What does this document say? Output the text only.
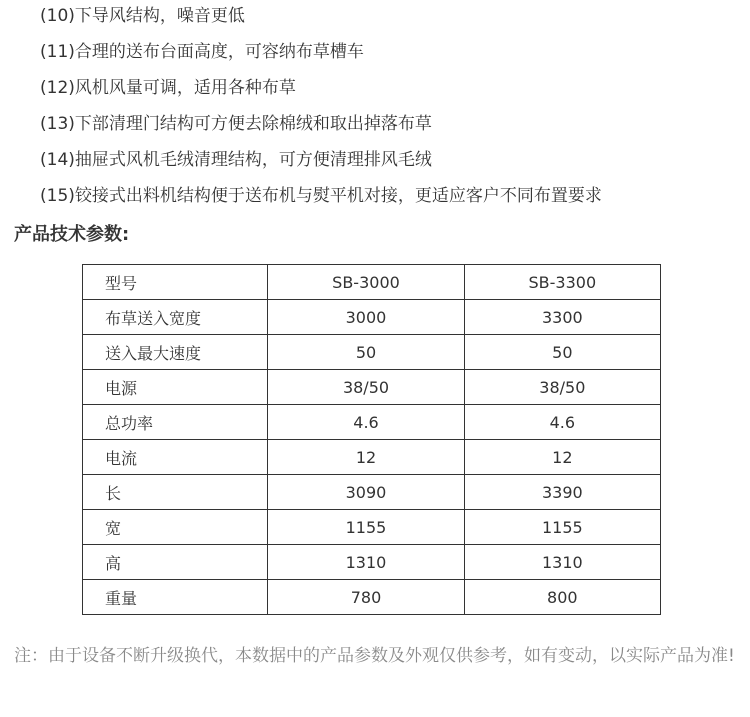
(10)下导风结构，噪音更低
(11)合理的送布台面高度，可容纳布草槽车
(12)风机风量可调，适用各种布草
(13)下部清理门结构可方便去除棉绒和取出掉落布草
(14)抽屉式风机毛绒清理结构，可方便清理排风毛绒
(15)铰接式出料机结构便于送布机与熨平机对接，更适应客户不同布置要求
产品技术参数:
型号	SB-3000	SB-3300
布草送入宽度	3000	3300
送入最大速度	50	50
电源	38/50	38/50
总功率	4.6	4.6
电流	12	12
长	3090	3390
宽	1155	1155
高	1310	1310
重量	780	800

注：由于设备不断升级换代，本数据中的产品参数及外观仅供参考，如有变动，以实际产品为准!
